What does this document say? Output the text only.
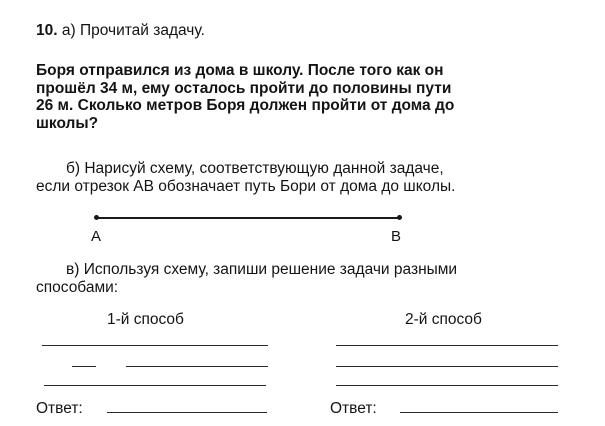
10. а) Прочитай задачу.
Боря отправился из дома в школу. После того как он
прошёл 34 м, ему осталось пройти до половины пути
26 м. Сколько метров Боря должен пройти от дома до
школы?
б) Нарисуй схему, соответствующую данной задаче,
если отрезок АВ обозначает путь Бори от дома до школы.
А	В
в) Используя схему, запиши решение задачи разными
способами:
1-й способ	2-й способ
Ответ:	Ответ:
